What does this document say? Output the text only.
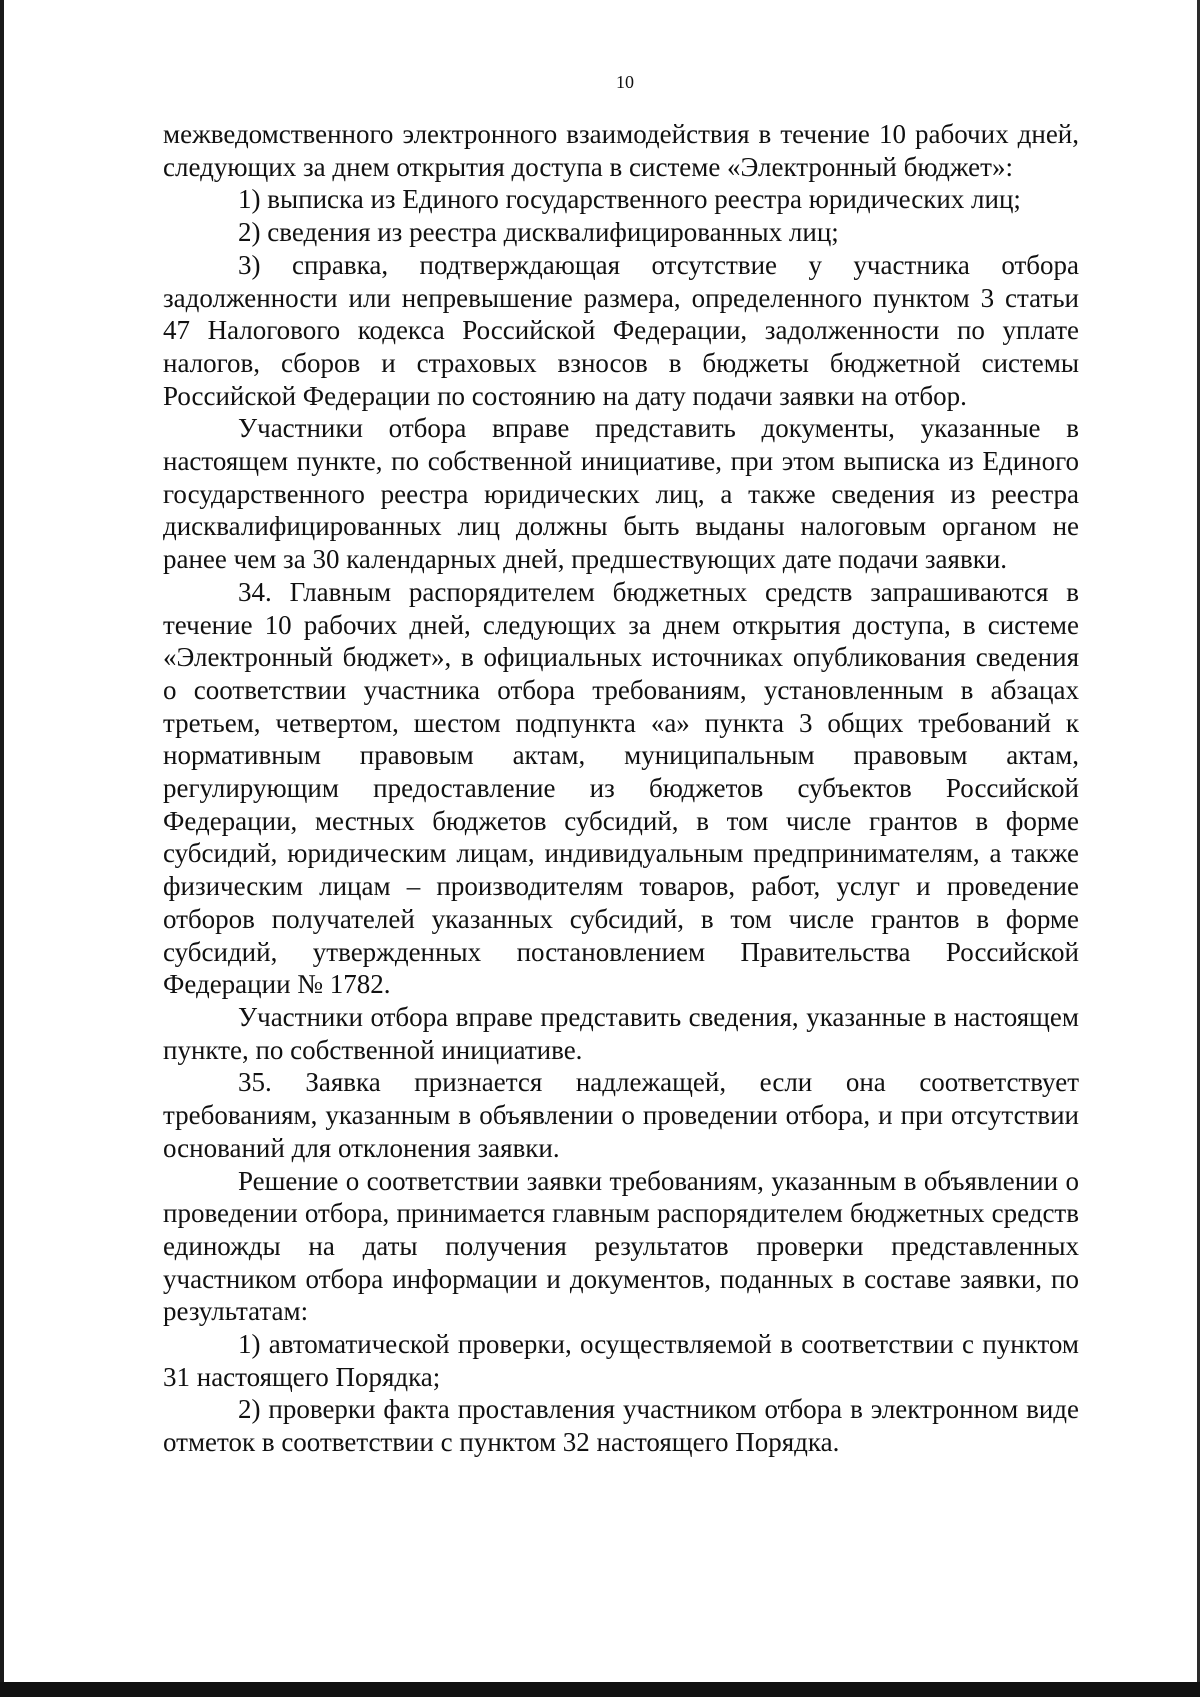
10

межведомственного электронного взаимодействия в течение 10 рабочих дней, следующих за днем открытия доступа в системе «Электронный бюджет»:

1) выписка из Единого государственного реестра юридических лиц;

2) сведения из реестра дисквалифицированных лиц;

3) справка, подтверждающая отсутствие у участника отбора задолженности или непревышение размера, определенного пунктом 3 статьи 47 Налогового кодекса Российской Федерации, задолженности по уплате налогов, сборов и страховых взносов в бюджеты бюджетной системы Российской Федерации по состоянию на дату подачи заявки на отбор.

Участники отбора вправе представить документы, указанные в настоящем пункте, по собственной инициативе, при этом выписка из Единого государственного реестра юридических лиц, а также сведения из реестра дисквалифицированных лиц должны быть выданы налоговым органом не ранее чем за 30 календарных дней, предшествующих дате подачи заявки.

34. Главным распорядителем бюджетных средств запрашиваются в течение 10 рабочих дней, следующих за днем открытия доступа, в системе «Электронный бюджет», в официальных источниках опубликования сведения о соответствии участника отбора требованиям, установленным в абзацах третьем, четвертом, шестом подпункта «а» пункта 3 общих требований к нормативным правовым актам, муниципальным правовым актам, регулирующим предоставление из бюджетов субъектов Российской Федерации, местных бюджетов субсидий, в том числе грантов в форме субсидий, юридическим лицам, индивидуальным предпринимателям, а также физическим лицам – производителям товаров, работ, услуг и проведение отборов получателей указанных субсидий, в том числе грантов в форме субсидий, утвержденных постановлением Правительства Российской Федерации № 1782.

Участники отбора вправе представить сведения, указанные в настоящем пункте, по собственной инициативе.

35. Заявка признается надлежащей, если она соответствует требованиям, указанным в объявлении о проведении отбора, и при отсутствии оснований для отклонения заявки.

Решение о соответствии заявки требованиям, указанным в объявлении о проведении отбора, принимается главным распорядителем бюджетных средств единожды на даты получения результатов проверки представленных участником отбора информации и документов, поданных в составе заявки, по результатам:

1) автоматической проверки, осуществляемой в соответствии с пунктом 31 настоящего Порядка;

2) проверки факта проставления участником отбора в электронном виде отметок в соответствии с пунктом 32 настоящего Порядка.
